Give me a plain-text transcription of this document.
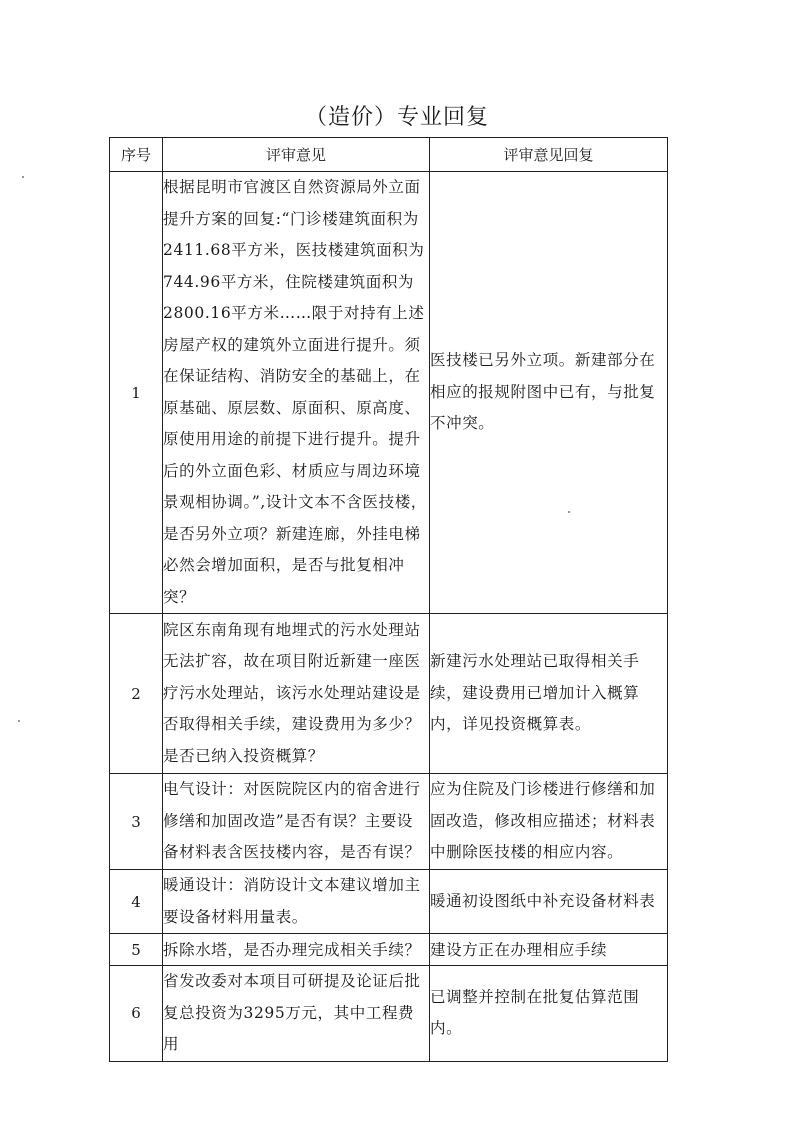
（造价）专业回复
序号	评审意见	评审意见回复
1	根据昆明市官渡区自然资源局外立面提升方案的回复:“门诊楼建筑面积为2411.68平方米，医技楼建筑面积为744.96平方米，住院楼建筑面积为2800.16平方米……限于对持有上述房屋产权的建筑外立面进行提升。须在保证结构、消防安全的基础上，在原基础、原层数、原面积、原高度、原使用用途的前提下进行提升。提升后的外立面色彩、材质应与周边环境景观相协调。”,设计文本不含医技楼，是否另外立项？新建连廊，外挂电梯必然会增加面积，是否与批复相冲突？	医技楼已另外立项。新建部分在相应的报规附图中已有，与批复不冲突。
2	院区东南角现有地埋式的污水处理站无法扩容，故在项目附近新建一座医疗污水处理站，该污水处理站建设是否取得相关手续，建设费用为多少？是否已纳入投资概算？	新建污水处理站已取得相关手续，建设费用已增加计入概算内，详见投资概算表。
3	电气设计：对医院院区内的宿舍进行修缮和加固改造”是否有误？主要设备材料表含医技楼内容，是否有误？	应为住院及门诊楼进行修缮和加固改造，修改相应描述；材料表中删除医技楼的相应内容。
4	暖通设计：消防设计文本建议增加主要设备材料用量表。	暖通初设图纸中补充设备材料表
5	拆除水塔，是否办理完成相关手续？	建设方正在办理相应手续
6	省发改委对本项目可研提及论证后批复总投资为3295万元，其中工程费用	已调整并控制在批复估算范围内。
